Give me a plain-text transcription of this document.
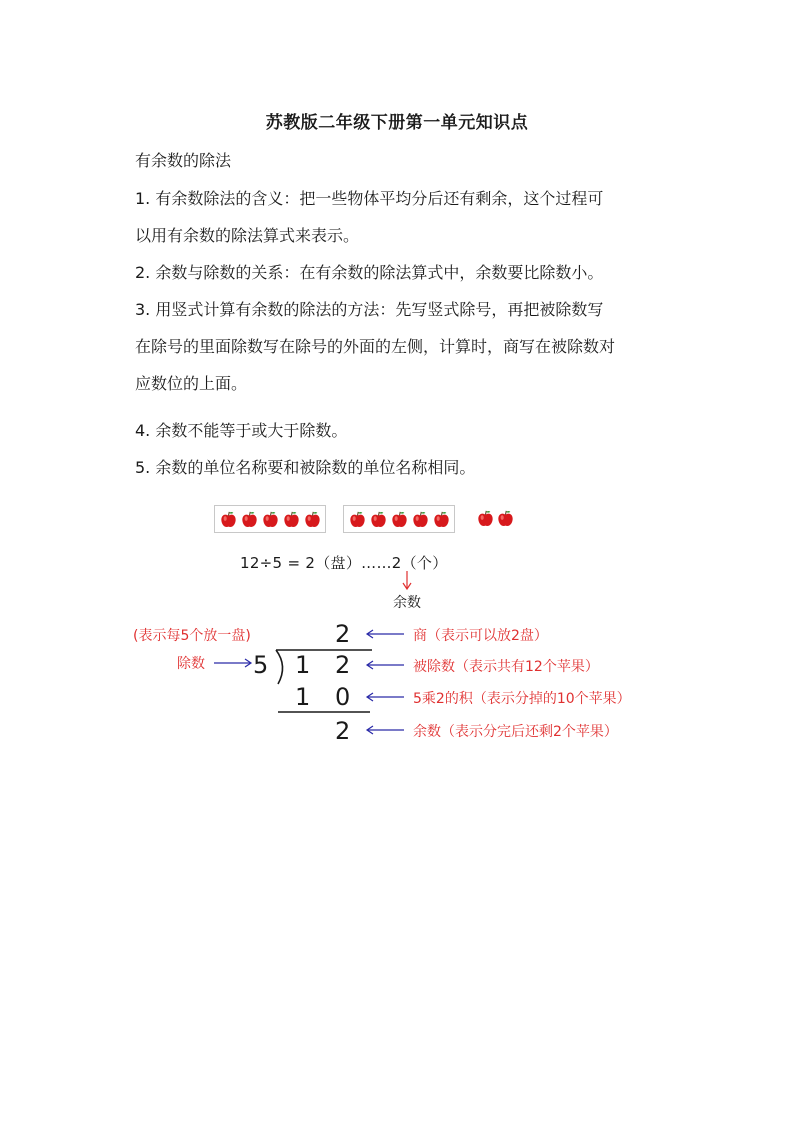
苏教版二年级下册第一单元知识点
有余数的除法
1. 有余数除法的含义：把一些物体平均分后还有剩余，这个过程可
以用有余数的除法算式来表示。
2. 余数与除数的关系：在有余数的除法算式中，余数要比除数小。
3. 用竖式计算有余数的除法的方法：先写竖式除号，再把被除数写
在除号的里面除数写在除号的外面的左侧，计算时，商写在被除数对
应数位的上面。
4. 余数不能等于或大于除数。
5. 余数的单位名称要和被除数的单位名称相同。
12÷5 = 2（盘）……2（个）
余数
(表示每5个放一盘)
除数
2
5 1 2
1 0
2
商（表示可以放2盘）
被除数（表示共有12个苹果）
5乘2的积（表示分掉的10个苹果）
余数（表示分完后还剩2个苹果）
